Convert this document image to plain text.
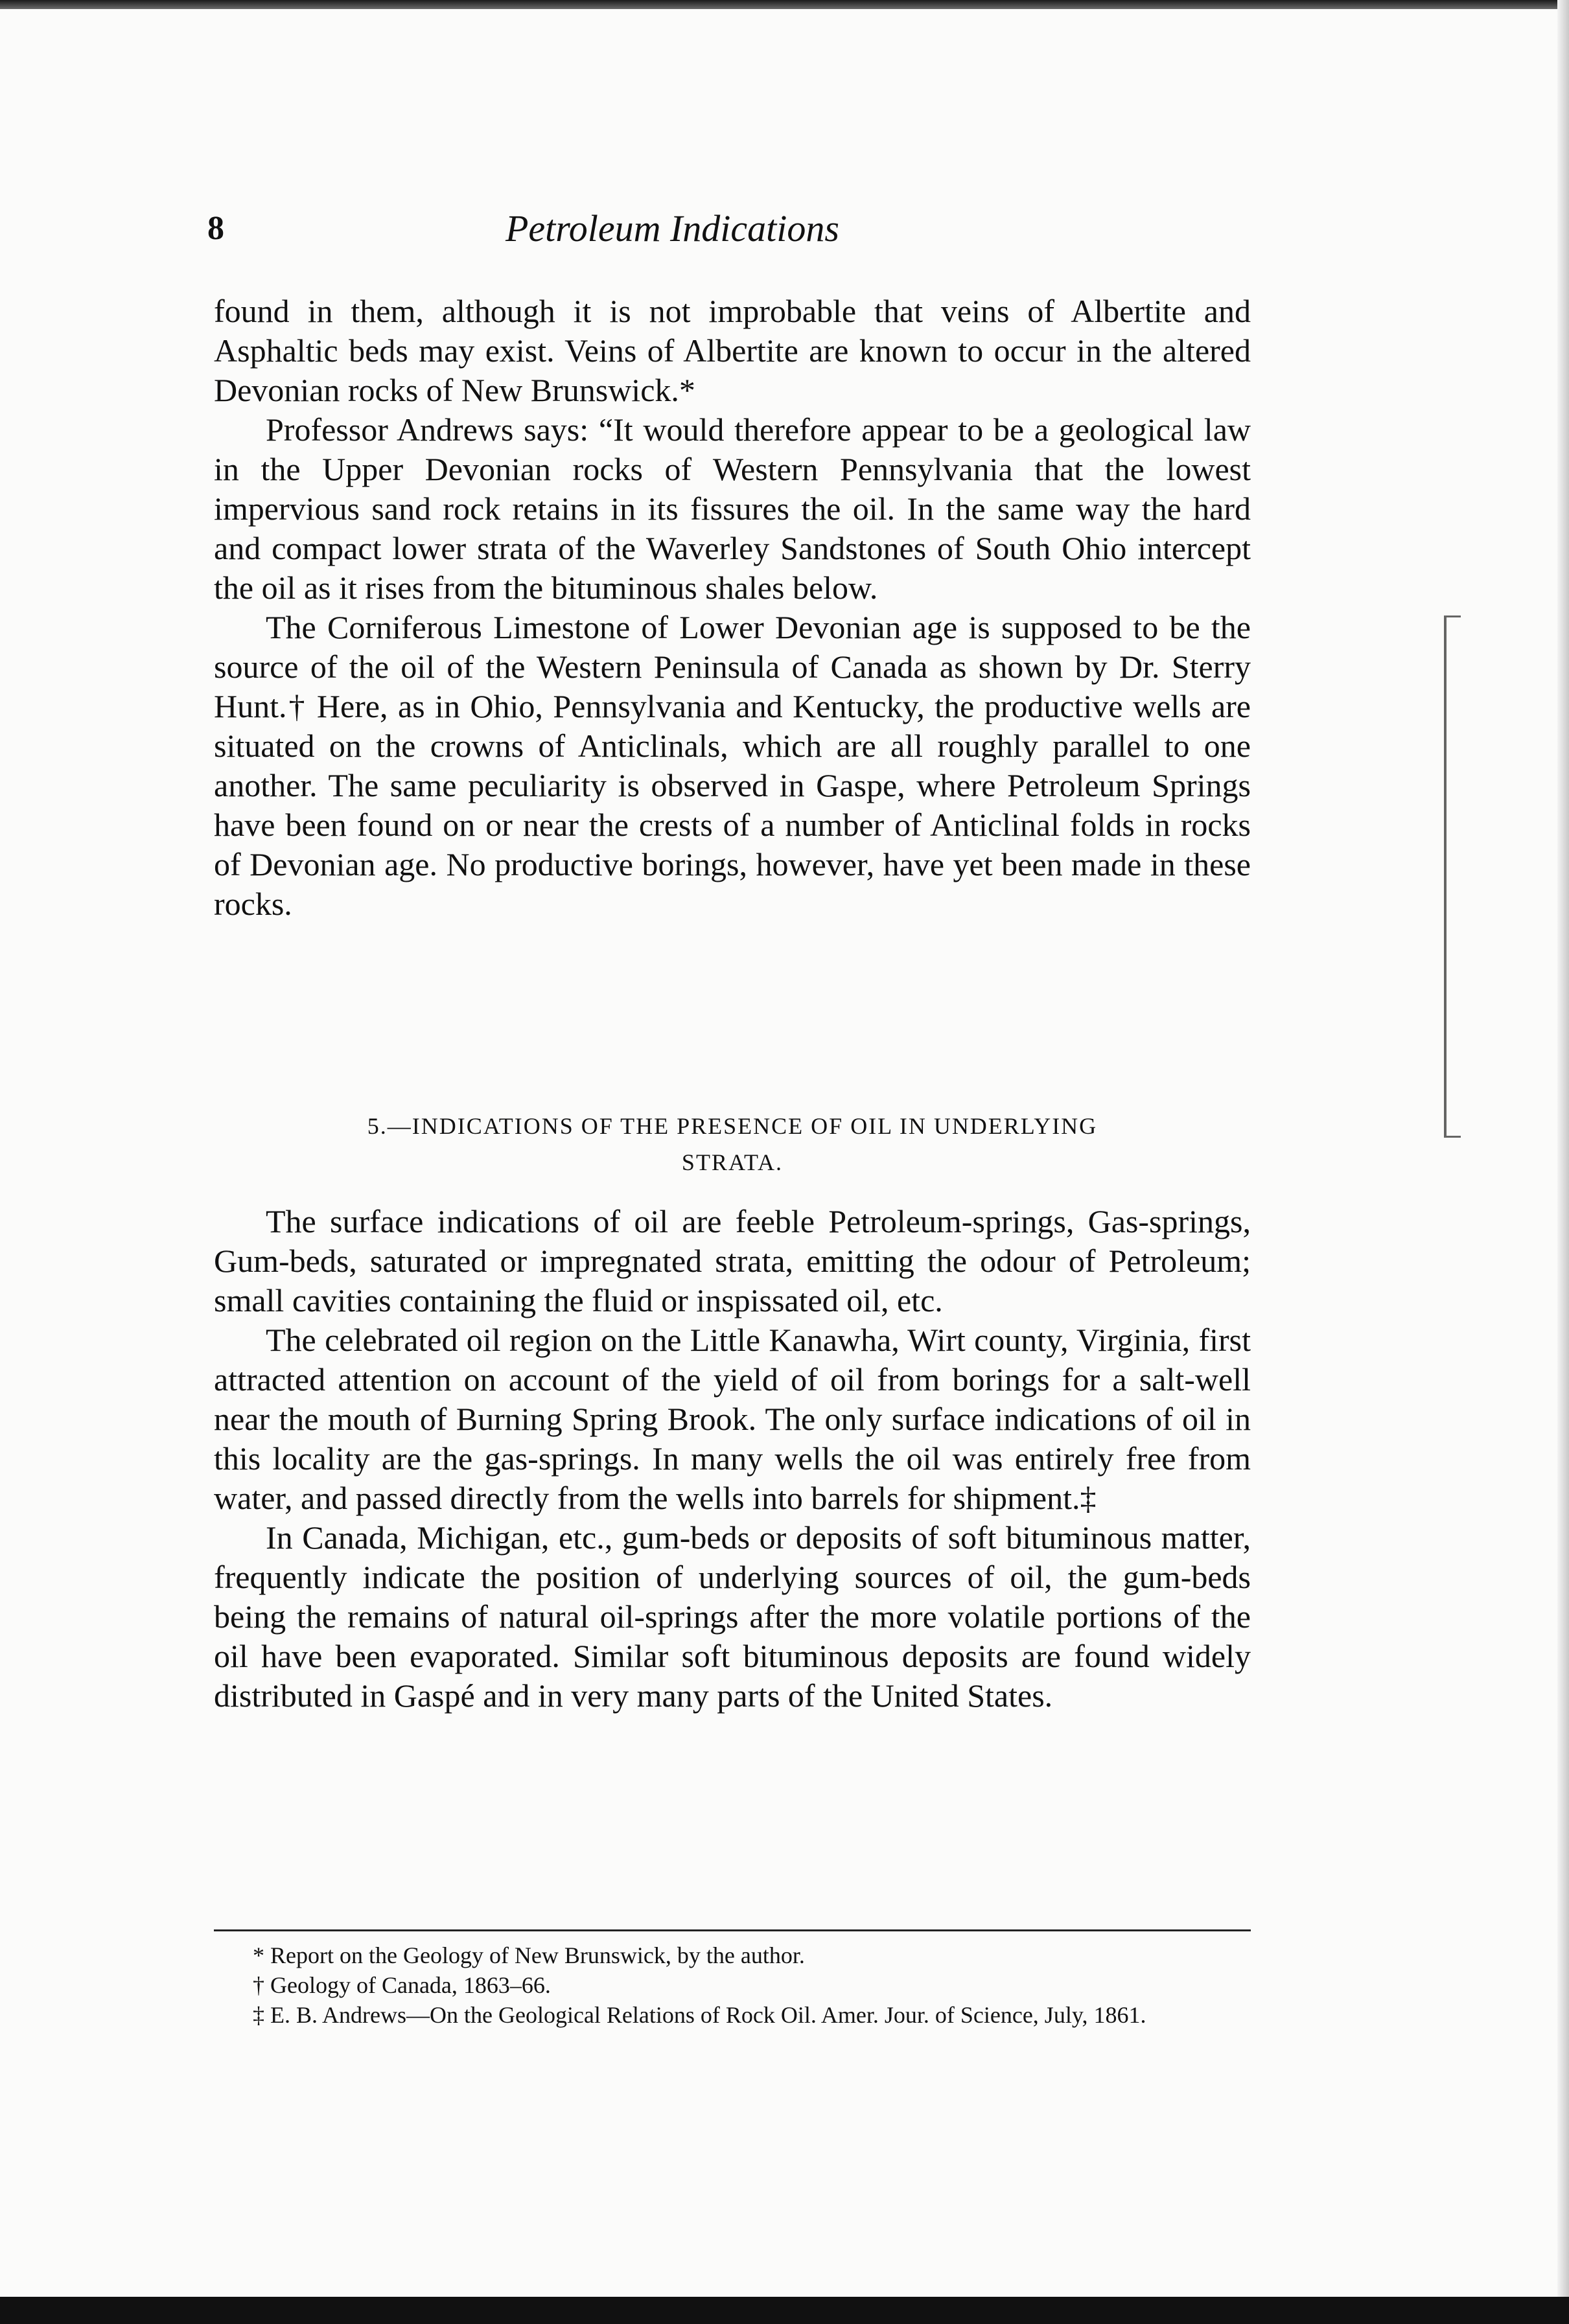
8	Petroleum Indications

found in them, although it is not improbable that veins of Albertite and Asphaltic beds may exist. Veins of Albertite are known to occur in the altered Devonian rocks of New Brunswick.*

Professor Andrews says: “It would therefore appear to be a geological law in the Upper Devonian rocks of Western Pennsylvania that the lowest impervious sand rock retains in its fissures the oil. In the same way the hard and compact lower strata of the Waverley Sandstones of South Ohio intercept the oil as it rises from the bituminous shales below.

The Corniferous Limestone of Lower Devonian age is supposed to be the source of the oil of the Western Peninsula of Canada as shown by Dr. Sterry Hunt.† Here, as in Ohio, Pennsylvania and Kentucky, the productive wells are situated on the crowns of Anticlinals, which are all roughly parallel to one another. The same peculiarity is observed in Gaspe, where Petroleum Springs have been found on or near the crests of a number of Anticlinal folds in rocks of Devonian age. No productive borings, however, have yet been made in these rocks.

5.—INDICATIONS OF THE PRESENCE OF OIL IN UNDERLYING
STRATA.

The surface indications of oil are feeble Petroleum-springs, Gas-springs, Gum-beds, saturated or impregnated strata, emitting the odour of Petroleum; small cavities containing the fluid or inspissated oil, etc.

The celebrated oil region on the Little Kanawha, Wirt county, Virginia, first attracted attention on account of the yield of oil from borings for a salt-well near the mouth of Burning Spring Brook. The only surface indications of oil in this locality are the gas-springs. In many wells the oil was entirely free from water, and passed directly from the wells into barrels for shipment.‡

In Canada, Michigan, etc., gum-beds or deposits of soft bituminous matter, frequently indicate the position of underlying sources of oil, the gum-beds being the remains of natural oil-springs after the more volatile portions of the oil have been evaporated. Similar soft bituminous deposits are found widely distributed in Gaspé and in very many parts of the United States.

* Report on the Geology of New Brunswick, by the author.
† Geology of Canada, 1863–66.
‡ E. B. Andrews—On the Geological Relations of Rock Oil. Amer. Jour. of Science, July, 1861.
